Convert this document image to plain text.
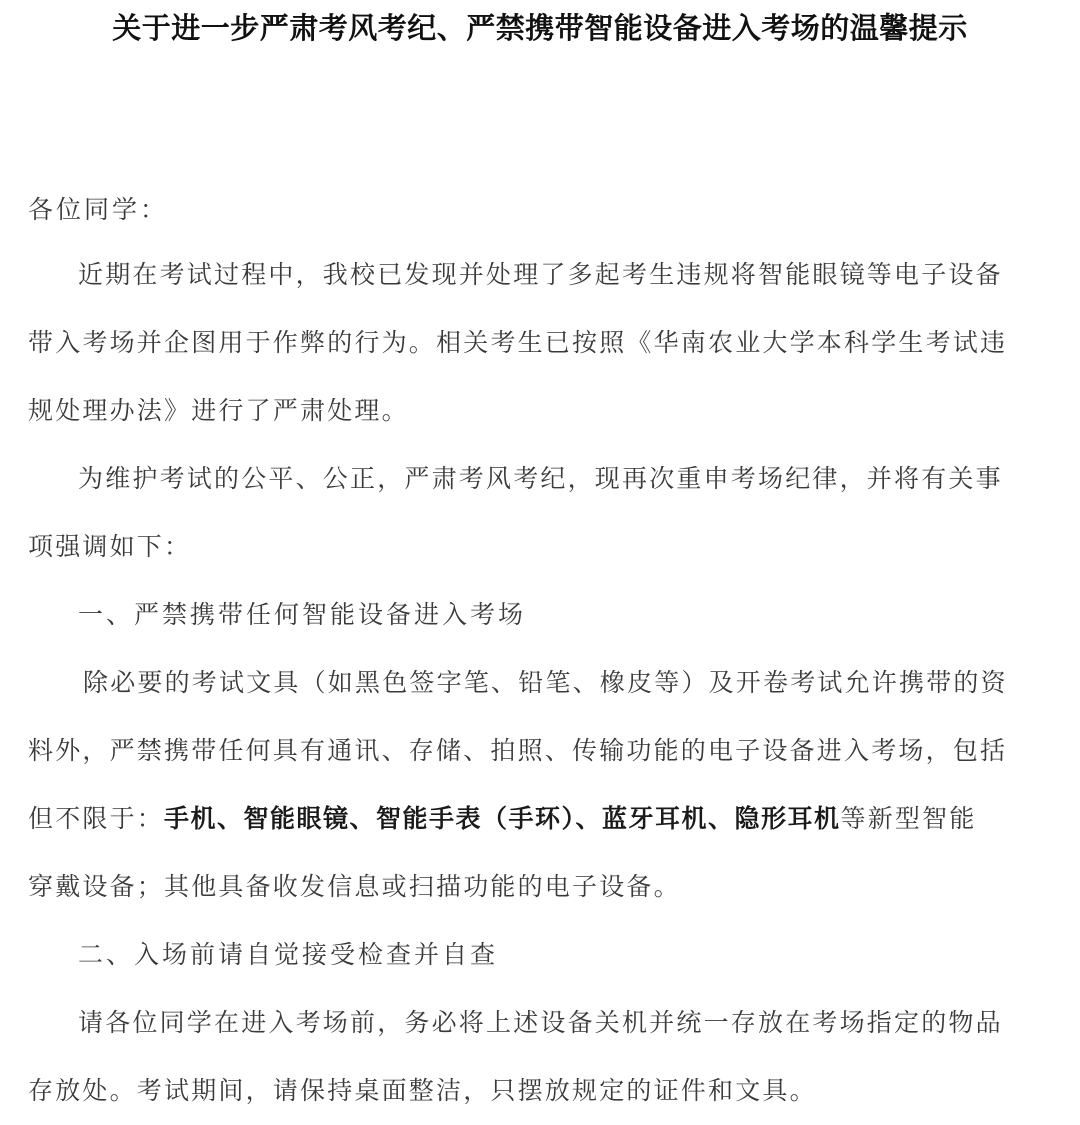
关于进一步严肃考风考纪、严禁携带智能设备进入考场的温馨提示
各位同学：
近期在考试过程中，我校已发现并处理了多起考生违规将智能眼镜等电子设备
带入考场并企图用于作弊的行为。相关考生已按照《华南农业大学本科学生考试违
规处理办法》进行了严肃处理。
为维护考试的公平、公正，严肃考风考纪，现再次重申考场纪律，并将有关事
项强调如下：
一、严禁携带任何智能设备进入考场
除必要的考试文具（如黑色签字笔、铅笔、橡皮等）及开卷考试允许携带的资
料外，严禁携带任何具有通讯、存储、拍照、传输功能的电子设备进入考场，包括
但不限于：手机、智能眼镜、智能手表（手环）、蓝牙耳机、隐形耳机等新型智能
穿戴设备；其他具备收发信息或扫描功能的电子设备。
二、入场前请自觉接受检查并自查
请各位同学在进入考场前，务必将上述设备关机并统一存放在考场指定的物品
存放处。考试期间，请保持桌面整洁，只摆放规定的证件和文具。
